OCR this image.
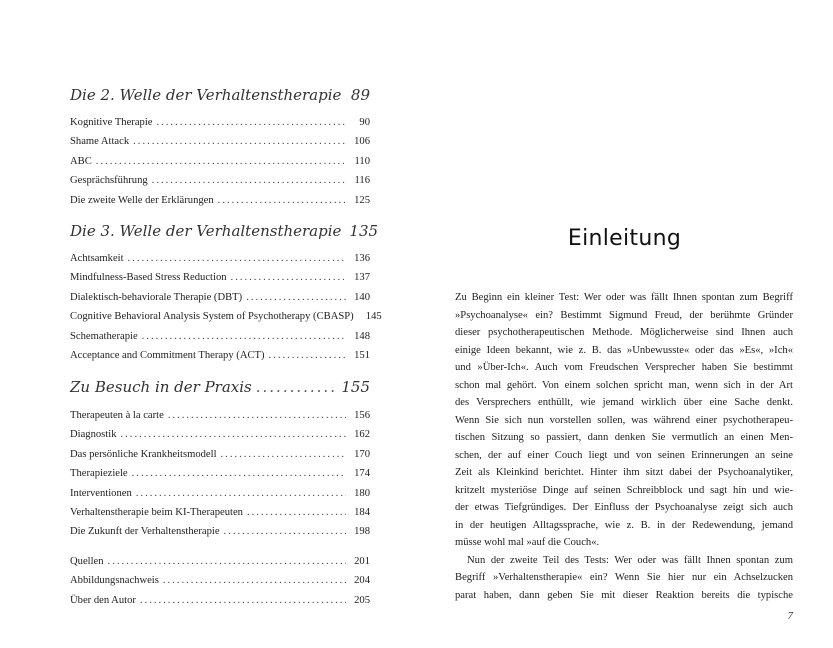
Die 2. Welle der Verhaltenstherapie ..... 89
Kognitive Therapie .....	90
Shame Attack .....	106
ABC .....	110
Gesprächsführung .....	116
Die zweite Welle der Erklärungen .....	125
Die 3. Welle der Verhaltenstherapie 135
Achtsamkeit .....	136
Mindfulness-Based Stress Reduction .....	137
Dialektisch-behaviorale Therapie (DBT) .....	140
Cognitive Behavioral Analysis System of Psychotherapy (CBASP)	145
Schematherapie .....	148
Acceptance and Commitment Therapy (ACT) .....	151
Zu Besuch in der Praxis .....	155
Therapeuten à la carte .....	156
Diagnostik .....	162
Das persönliche Krankheitsmodell .....	170
Therapieziele .....	174
Interventionen .....	180
Verhaltenstherapie beim KI-Therapeuten .....	184
Die Zukunft der Verhaltenstherapie .....	198
Quellen .....	201
Abbildungsnachweis .....	204
Über den Autor .....	205
Einleitung
Zu Beginn ein kleiner Test: Wer oder was fällt Ihnen spontan zum Begriff
»Psychoanalyse« ein? Bestimmt Sigmund Freud, der berühmte Gründer
dieser psychotherapeutischen Methode. Möglicherweise sind Ihnen auch
einige Ideen bekannt, wie z. B. das »Unbewusste« oder das »Es«, »Ich«
und »Über-Ich«. Auch vom Freudschen Versprecher haben Sie bestimmt
schon mal gehört. Von einem solchen spricht man, wenn sich in der Art
des Versprechers enthüllt, wie jemand wirklich über eine Sache denkt.
Wenn Sie sich nun vorstellen sollen, was während einer psychotherapeu-
tischen Sitzung so passiert, dann denken Sie vermutlich an einen Men-
schen, der auf einer Couch liegt und von seinen Erinnerungen an seine
Zeit als Kleinkind berichtet. Hinter ihm sitzt dabei der Psychoanalytiker,
kritzelt mysteriöse Dinge auf seinen Schreibblock und sagt hin und wie-
der etwas Tiefgründiges. Der Einfluss der Psychoanalyse zeigt sich auch
in der heutigen Alltagssprache, wie z. B. in der Redewendung, jemand
müsse wohl mal »auf die Couch«.
Nun der zweite Teil des Tests: Wer oder was fällt Ihnen spontan zum
Begriff »Verhaltenstherapie« ein? Wenn Sie hier nur ein Achselzucken
parat haben, dann geben Sie mit dieser Reaktion bereits die typische
7
